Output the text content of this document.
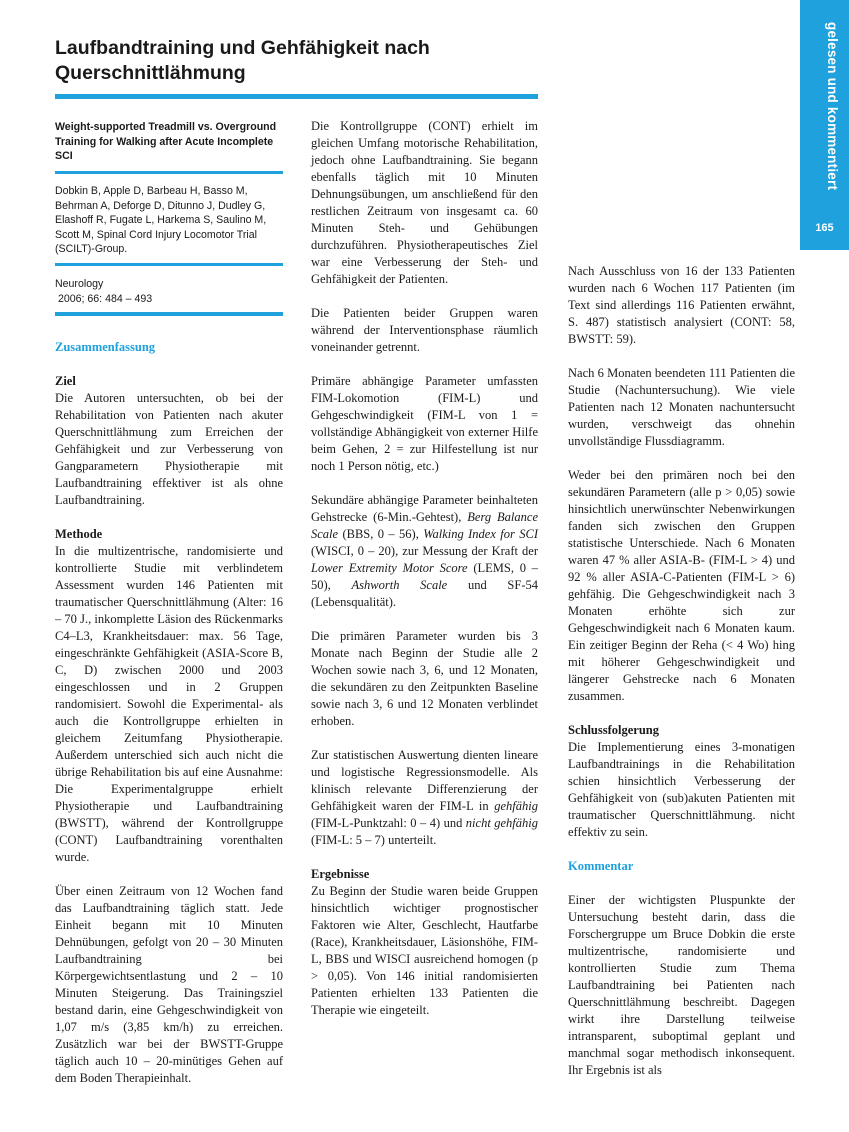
gelesen und kommentiert
165
Laufbandtraining und Gehfähigkeit nach Querschnittlähmung
Weight-supported Treadmill vs. Overground Training for Walking after Acute Incomplete SCI
Dobkin B, Apple D, Barbeau H, Basso M, Behrman A, Deforge D, Ditunno J, Dudley G, Elashoff R, Fugate L, Harkema S, Saulino M, Scott M, Spinal Cord Injury Locomotor Trial (SCILT)-Group.
Neurology
2006; 66: 484 – 493

Zusammenfassung

Ziel

Die Autoren untersuchten, ob bei der Rehabilitation von Patienten nach akuter Querschnittlähmung zum Erreichen der Gehfähigkeit und zur Verbesserung von Gangparametern Physiotherapie mit Laufbandtraining effektiver ist als ohne Laufbandtraining.

Methode

In die multizentrische, randomisierte und kontrollierte Studie mit verblindetem Assessment wurden 146 Patienten mit traumatischer Querschnittlähmung (Alter: 16 – 70 J., inkomplette Läsion des Rückenmarks C4–L3, Krankheitsdauer: max. 56 Tage, eingeschränkte Gehfähigkeit (ASIA-Score B, C, D) zwischen 2000 und 2003 eingeschlossen und in 2 Gruppen randomisiert. Sowohl die Experimental- als auch die Kontrollgruppe erhielten in gleichem Zeitumfang Physiotherapie. Außerdem unterschied sich auch nicht die übrige Rehabilitation bis auf eine Ausnahme: Die Experimentalgruppe erhielt Physiotherapie und Laufbandtraining (BWSTT), während der Kontrollgruppe (CONT) Laufbandtraining vorenthalten wurde.

Über einen Zeitraum von 12 Wochen fand das Laufbandtraining täglich statt. Jede Einheit begann mit 10 Minuten Dehnübungen, gefolgt von 20 – 30 Minuten Laufbandtraining bei Körpergewichtsentlastung und 2 – 10 Minuten Steigerung. Das Trainingsziel bestand darin, eine Gehgeschwindigkeit von 1,07 m/s (3,85 km/h) zu erreichen. Zusätzlich war bei der BWSTT-Gruppe täglich auch 10 – 20-minütiges Gehen auf dem Boden Therapieinhalt.

Die Kontrollgruppe (CONT) erhielt im gleichen Umfang motorische Rehabilitation, jedoch ohne Laufbandtraining. Sie begann ebenfalls täglich mit 10 Minuten Dehnungsübungen, um anschließend für den restlichen Zeitraum von insgesamt ca. 60 Minuten Steh- und Gehübungen durchzuführen. Physiotherapeutisches Ziel war eine Verbesserung der Steh- und Gehfähigkeit der Patienten.

Die Patienten beider Gruppen waren während der Interventionsphase räumlich voneinander getrennt.

Primäre abhängige Parameter umfassten FIM-Lokomotion (FIM-L) und Gehgeschwindigkeit (FIM-L von 1 = vollständige Abhängigkeit von externer Hilfe beim Gehen, 2 = zur Hilfestellung ist nur noch 1 Person nötig, etc.)

Sekundäre abhängige Parameter beinhalteten Gehstrecke (6-Min.-Gehtest), Berg Balance Scale (BBS, 0 – 56), Walking Index for SCI (WISCI, 0 – 20), zur Messung der Kraft der Lower Extremity Motor Score (LEMS, 0 – 50), Ashworth Scale und SF-54 (Lebensqualität).

Die primären Parameter wurden bis 3 Monate nach Beginn der Studie alle 2 Wochen sowie nach 3, 6, und 12 Monaten, die sekundären zu den Zeitpunkten Baseline sowie nach 3, 6 und 12 Monaten verblindet erhoben.

Zur statistischen Auswertung dienten lineare und logistische Regressionsmodelle. Als klinisch relevante Differenzierung der Gehfähigkeit waren der FIM-L in gehfähig (FIM-L-Punktzahl: 0 – 4) und nicht gehfähig (FIM-L: 5 – 7) unterteilt.

Ergebnisse

Zu Beginn der Studie waren beide Gruppen hinsichtlich wichtiger prognostischer Faktoren wie Alter, Geschlecht, Hautfarbe (Race), Krankheitsdauer, Läsionshöhe, FIM-L, BBS und WISCI ausreichend homogen (p > 0,05). Von 146 initial randomisierten Patienten erhielten 133 Patienten die Therapie wie eingeteilt.

Nach Ausschluss von 16 der 133 Patienten wurden nach 6 Wochen 117 Patienten (im Text sind allerdings 116 Patienten erwähnt, S. 487) statistisch analysiert (CONT: 58, BWSTT: 59).

Nach 6 Monaten beendeten 111 Patienten die Studie (Nachuntersuchung). Wie viele Patienten nach 12 Monaten nachuntersucht wurden, verschweigt das ohnehin unvollständige Flussdiagramm.

Weder bei den primären noch bei den sekundären Parametern (alle p > 0,05) sowie hinsichtlich unerwünschter Nebenwirkungen fanden sich zwischen den Gruppen statistische Unterschiede. Nach 6 Monaten waren 47 % aller ASIA-B- (FIM-L > 4) und 92 % aller ASIA-C-Patienten (FIM-L > 6) gehfähig. Die Gehgeschwindigkeit nach 3 Monaten erhöhte sich zur Gehgeschwindigkeit nach 6 Monaten kaum. Ein zeitiger Beginn der Reha (< 4 Wo) hing mit höherer Gehgeschwindigkeit und längerer Gehstrecke nach 6 Monaten zusammen.

Schlussfolgerung

Die Implementierung eines 3-monatigen Laufbandtrainings in die Rehabilitation schien hinsichtlich Verbesserung der Gehfähigkeit von (sub)akuten Patienten mit traumatischer Querschnittlähmung. nicht effektiv zu sein.

Kommentar

Einer der wichtigsten Pluspunkte der Untersuchung besteht darin, dass die Forschergruppe um Bruce Dobkin die erste multizentrische, randomisierte und kontrollierten Studie zum Thema Laufbandtraining bei Patienten nach Querschnittlähmung beschreibt. Dagegen wirkt ihre Darstellung teilweise intransparent, suboptimal geplant und manchmal sogar methodisch inkonsequent. Ihr Ergebnis ist als
